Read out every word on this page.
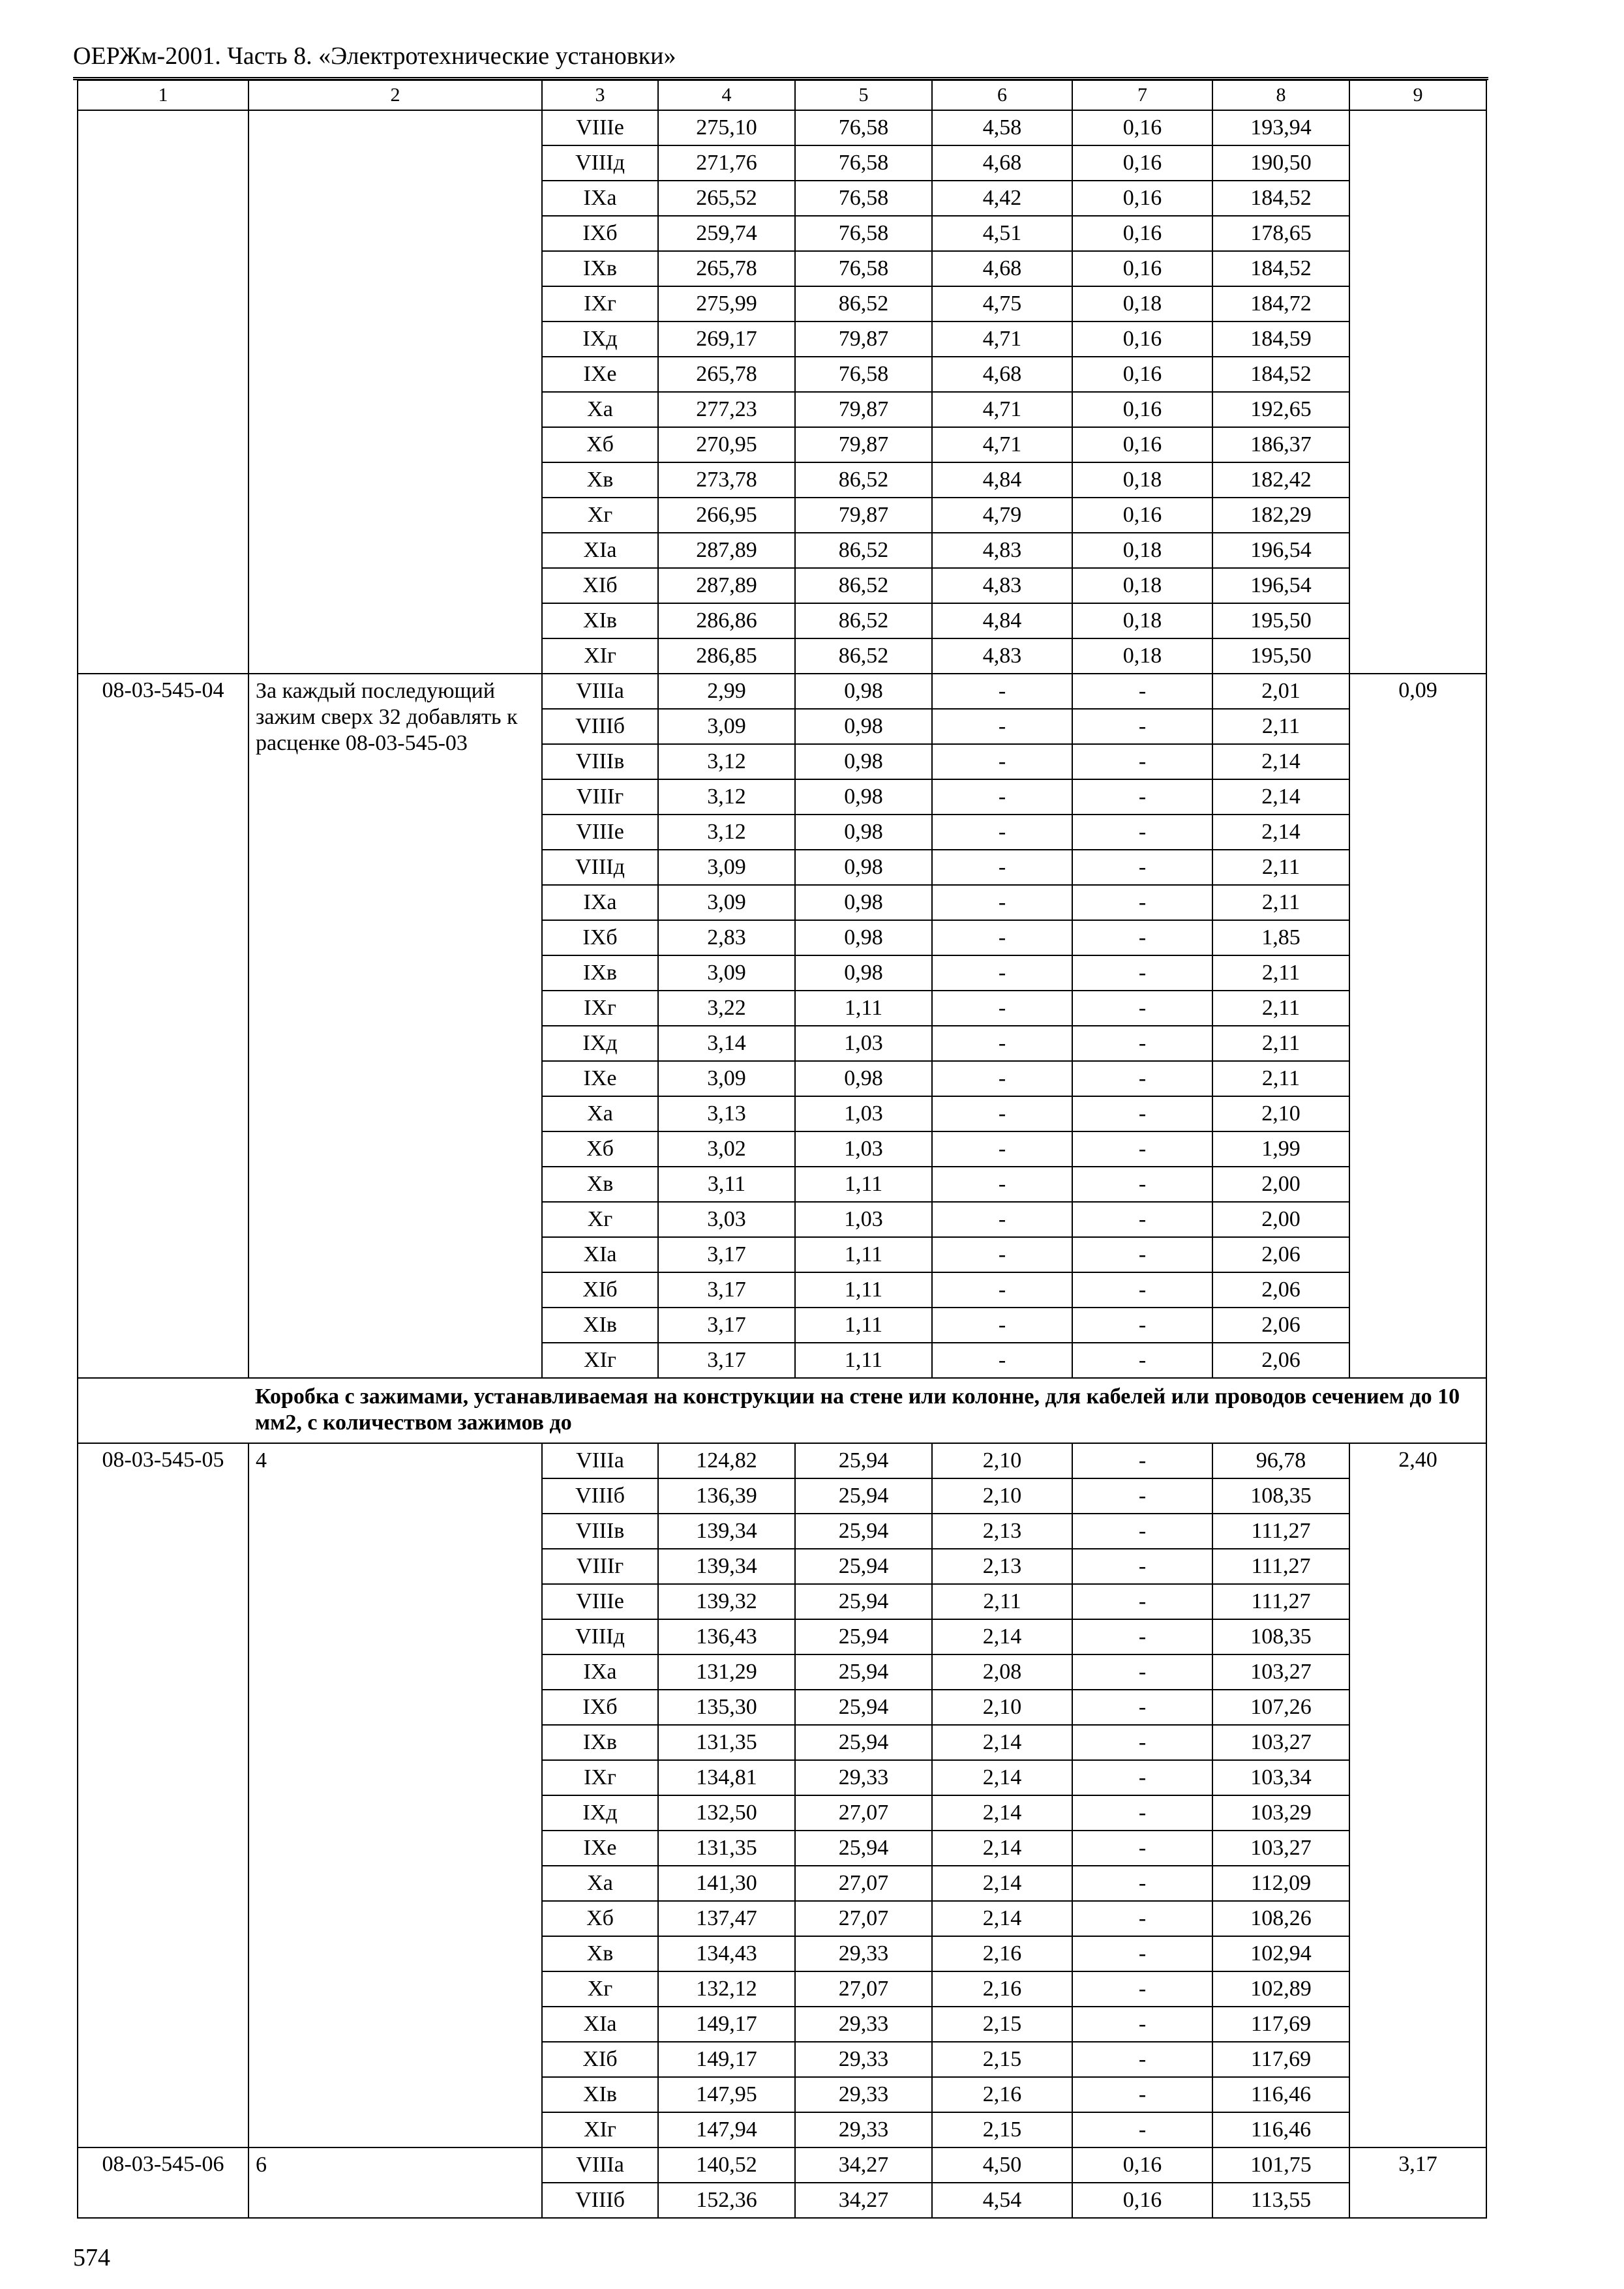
ОЕРЖм-2001. Часть 8. «Электротехнические установки»
1	2	3	4	5	6	7	8	9
		VIIIе	275,10	76,58	4,58	0,16	193,94	
		VIIIд	271,76	76,58	4,68	0,16	190,50	
		IXа	265,52	76,58	4,42	0,16	184,52	
		IXб	259,74	76,58	4,51	0,16	178,65	
		IXв	265,78	76,58	4,68	0,16	184,52	
		IXг	275,99	86,52	4,75	0,18	184,72	
		IXд	269,17	79,87	4,71	0,16	184,59	
		IXе	265,78	76,58	4,68	0,16	184,52	
		Xа	277,23	79,87	4,71	0,16	192,65	
		Xб	270,95	79,87	4,71	0,16	186,37	
		Xв	273,78	86,52	4,84	0,18	182,42	
		Xг	266,95	79,87	4,79	0,16	182,29	
		XIа	287,89	86,52	4,83	0,18	196,54	
		XIб	287,89	86,52	4,83	0,18	196,54	
		XIв	286,86	86,52	4,84	0,18	195,50	
		XIг	286,85	86,52	4,83	0,18	195,50	
08-03-545-04	За каждый последующий зажим сверх 32 добавлять к расценке 08-03-545-03	VIIIа	2,99	0,98	-	-	2,01	0,09
		VIIIб	3,09	0,98	-	-	2,11	
		VIIIв	3,12	0,98	-	-	2,14	
		VIIIг	3,12	0,98	-	-	2,14	
		VIIIе	3,12	0,98	-	-	2,14	
		VIIIд	3,09	0,98	-	-	2,11	
		IXа	3,09	0,98	-	-	2,11	
		IXб	2,83	0,98	-	-	1,85	
		IXв	3,09	0,98	-	-	2,11	
		IXг	3,22	1,11	-	-	2,11	
		IXд	3,14	1,03	-	-	2,11	
		IXе	3,09	0,98	-	-	2,11	
		Xа	3,13	1,03	-	-	2,10	
		Xб	3,02	1,03	-	-	1,99	
		Xв	3,11	1,11	-	-	2,00	
		Xг	3,03	1,03	-	-	2,00	
		XIа	3,17	1,11	-	-	2,06	
		XIб	3,17	1,11	-	-	2,06	
		XIв	3,17	1,11	-	-	2,06	
		XIг	3,17	1,11	-	-	2,06	
	Коробка с зажимами, устанавливаемая на конструкции на стене или колонне, для кабелей или проводов сечением до 10 мм2, с количеством зажимов до							
08-03-545-05	4	VIIIа	124,82	25,94	2,10	-	96,78	2,40
		VIIIб	136,39	25,94	2,10	-	108,35	
		VIIIв	139,34	25,94	2,13	-	111,27	
		VIIIг	139,34	25,94	2,13	-	111,27	
		VIIIе	139,32	25,94	2,11	-	111,27	
		VIIIд	136,43	25,94	2,14	-	108,35	
		IXа	131,29	25,94	2,08	-	103,27	
		IXб	135,30	25,94	2,10	-	107,26	
		IXв	131,35	25,94	2,14	-	103,27	
		IXг	134,81	29,33	2,14	-	103,34	
		IXд	132,50	27,07	2,14	-	103,29	
		IXе	131,35	25,94	2,14	-	103,27	
		Xа	141,30	27,07	2,14	-	112,09	
		Xб	137,47	27,07	2,14	-	108,26	
		Xв	134,43	29,33	2,16	-	102,94	
		Xг	132,12	27,07	2,16	-	102,89	
		XIа	149,17	29,33	2,15	-	117,69	
		XIб	149,17	29,33	2,15	-	117,69	
		XIв	147,95	29,33	2,16	-	116,46	
		XIг	147,94	29,33	2,15	-	116,46	
08-03-545-06	6	VIIIа	140,52	34,27	4,50	0,16	101,75	3,17
		VIIIб	152,36	34,27	4,54	0,16	113,55	
574
